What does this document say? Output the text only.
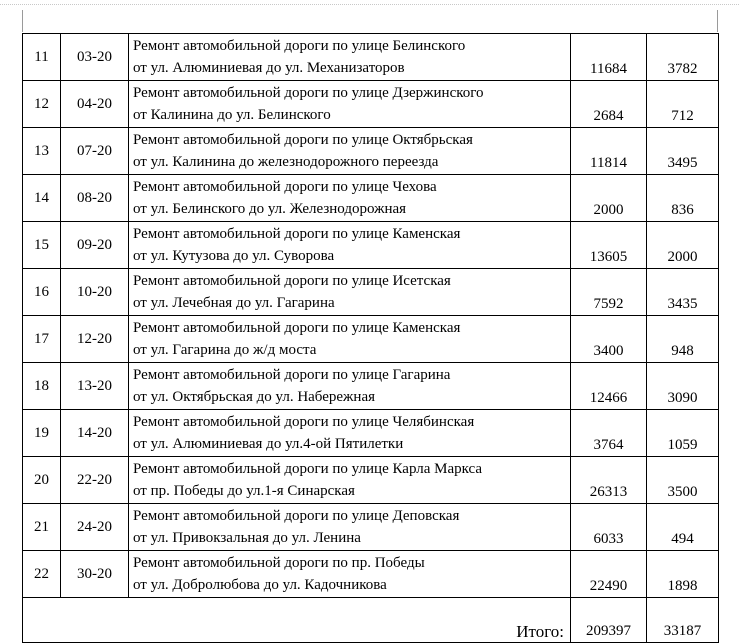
11	03-20	Ремонт автомобильной дороги по улице Белинского
от ул. Алюминиевая до ул. Механизаторов	11684	3782
12	04-20	Ремонт автомобильной дороги по улице Дзержинского
от Калинина до ул. Белинского	2684	712
13	07-20	Ремонт автомобильной дороги по улице Октябрьская
от ул. Калинина до железнодорожного переезда	11814	3495
14	08-20	Ремонт автомобильной дороги по улице Чехова
от ул. Белинского до ул. Железнодорожная	2000	836
15	09-20	Ремонт автомобильной дороги по улице Каменская
от ул. Кутузова до ул. Суворова	13605	2000
16	10-20	Ремонт автомобильной дороги по улице Исетская
от ул. Лечебная до ул. Гагарина	7592	3435
17	12-20	Ремонт автомобильной дороги по улице Каменская
от ул. Гагарина до ж/д моста	3400	948
18	13-20	Ремонт автомобильной дороги по улице Гагарина
от ул. Октябрьская до ул. Набережная	12466	3090
19	14-20	Ремонт автомобильной дороги по улице Челябинская
от ул. Алюминиевая до ул.4-ой Пятилетки	3764	1059
20	22-20	Ремонт автомобильной дороги по улице Карла Маркса
от пр. Победы до ул.1-я Синарская	26313	3500
21	24-20	Ремонт автомобильной дороги по улице Деповская
от ул. Привокзальная до ул. Ленина	6033	494
22	30-20	Ремонт автомобильной дороги по пр. Победы
от ул. Добролюбова до ул. Кадочникова	22490	1898
Итого:			209397	33187
